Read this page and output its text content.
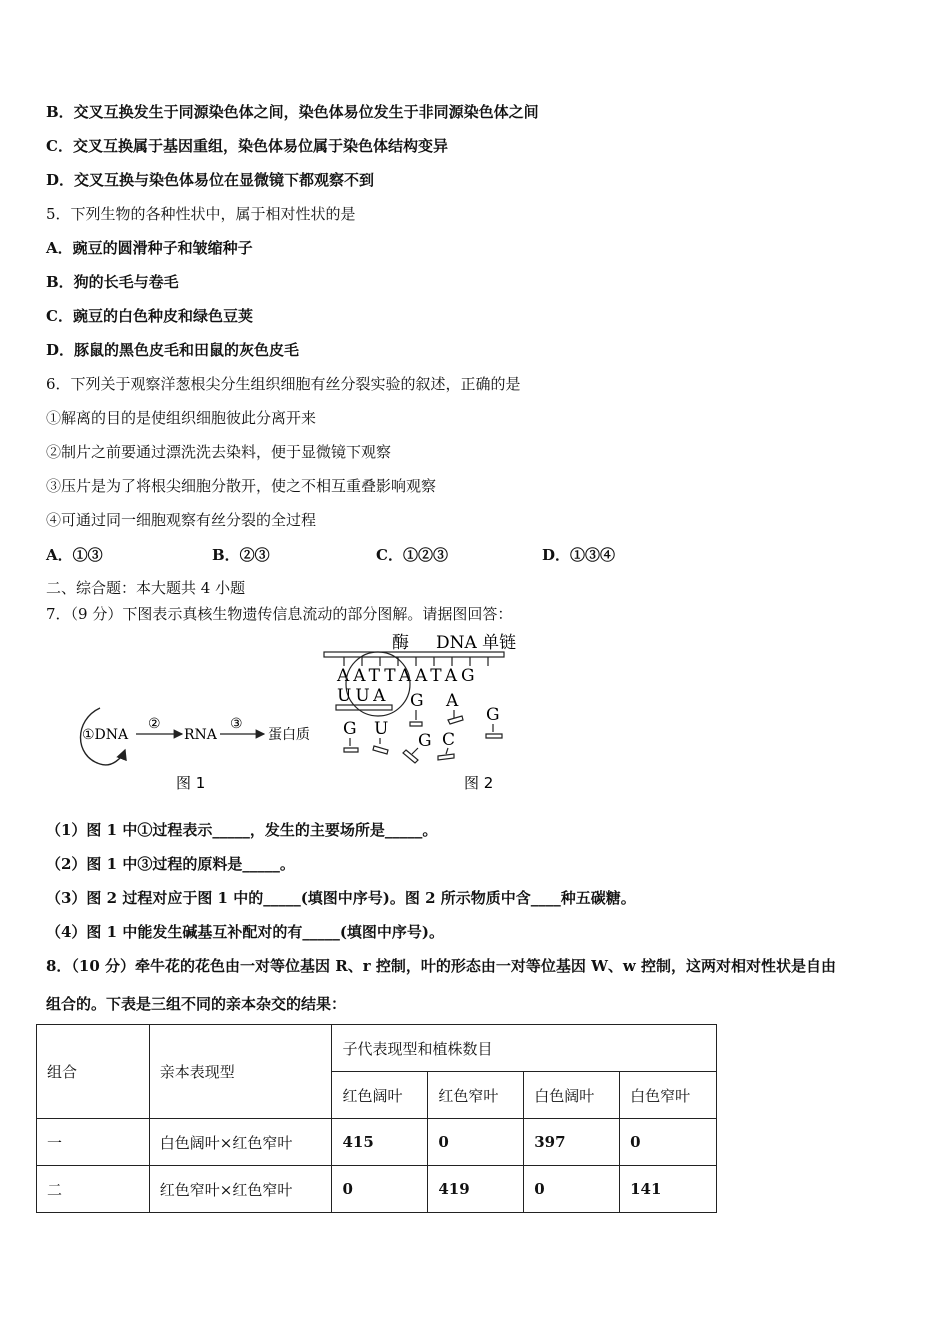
B．交叉互换发生于同源染色体之间，染色体易位发生于非同源染色体之间
C．交叉互换属于基因重组，染色体易位属于染色体结构变异
D．交叉互换与染色体易位在显微镜下都观察不到
5．下列生物的各种性状中，属于相对性状的是
A．豌豆的圆滑种子和皱缩种子
B．狗的长毛与卷毛
C．豌豆的白色种皮和绿色豆荚
D．豚鼠的黑色皮毛和田鼠的灰色皮毛
6．下列关于观察洋葱根尖分生组织细胞有丝分裂实验的叙述，正确的是
①解离的目的是使组织细胞彼此分离开来
②制片之前要通过漂洗洗去染料，便于显微镜下观察
③压片是为了将根尖细胞分散开，使之不相互重叠影响观察
④可通过同一细胞观察有丝分裂的全过程
A．①③	B．②③	C．①②③	D．①③④
二、综合题：本大题共 4 小题
7．（9 分）下图表示真核生物遗传信息流动的部分图解。请据图回答：
①DNA
②
RNA
③
蛋白质
图 1
酶 DNA 单链
AATTAATAG
UUA G A
G
G U
G C
图 2
（1）图 1 中①过程表示_____，发生的主要场所是_____。
（2）图 1 中③过程的原料是_____。
（3）图 2 过程对应于图 1 中的_____(填图中序号)。图 2 所示物质中含____种五碳糖。
（4）图 1 中能发生碱基互补配对的有_____(填图中序号)。
8．（10 分）牵牛花的花色由一对等位基因 R、r 控制，叶的形态由一对等位基因 W、w 控制，这两对相对性状是自由
组合的。下表是三组不同的亲本杂交的结果：
组合	亲本表现型	子代表现型和植株数目			
		红色阔叶	红色窄叶	白色阔叶	白色窄叶
一	白色阔叶×红色窄叶	415	0	397	0
二	红色窄叶×红色窄叶	0	419	0	141
